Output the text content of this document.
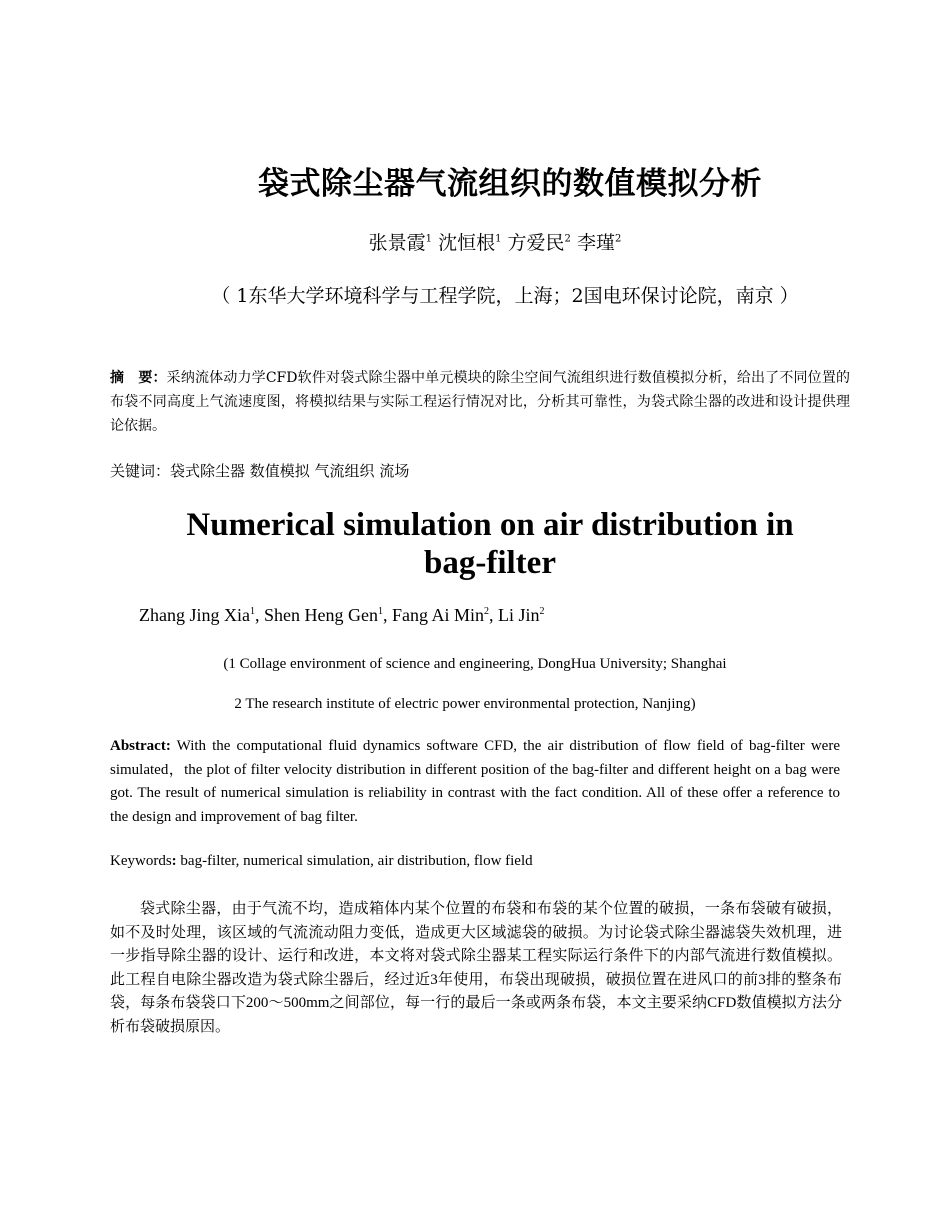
袋式除尘器气流组织的数值模拟分析
张景霞$^1$ 沈恒根$^1$ 方爱民$^2$ 李瑾$^2$
（ 1东华大学环境科学与工程学院，上海；2国电环保讨论院，南京 ）
摘　要：采纳流体动力学CFD软件对袋式除尘器中单元模块的除尘空间气流组织进行数值模拟分析，给出了不同位置的布袋不同高度上气流速度图，将模拟结果与实际工程运行情况对比，分析其可靠性，为袋式除尘器的改进和设计提供理论依据。
关键词：袋式除尘器 数值模拟 气流组织 流场
Numerical simulation on air distribution in bag-filter
Zhang Jing Xia$^1$, Shen Heng Gen$^1$, Fang Ai Min$^2$, Li Jin$^2$
(1 Collage environment of science and engineering, DongHua University; Shanghai
2 The research institute of electric power environmental protection, Nanjing)
Abstract: With the computational fluid dynamics software CFD, the air distribution of flow field of bag-filter were simulated，the plot of filter velocity distribution in different position of the bag-filter and different height on a bag were got. The result of numerical simulation is reliability in contrast with the fact condition. All of these offer a reference to the design and improvement of bag filter.
Keywords: bag-filter, numerical simulation, air distribution, flow field
袋式除尘器，由于气流不均，造成箱体内某个位置的布袋和布袋的某个位置的破损，一条布袋破有破损，如不及时处理，该区域的气流流动阻力变低，造成更大区域滤袋的破损。为讨论袋式除尘器滤袋失效机理，进一步指导除尘器的设计、运行和改进，本文将对袋式除尘器某工程实际运行条件下的内部气流进行数值模拟。此工程自电除尘器改造为袋式除尘器后，经过近3年使用，布袋出现破损，破损位置在进风口的前3排的整条布袋，每条布袋袋口下200～500mm之间部位，每一行的最后一条或两条布袋，本文主要采纳CFD数值模拟方法分析布袋破损原因。
